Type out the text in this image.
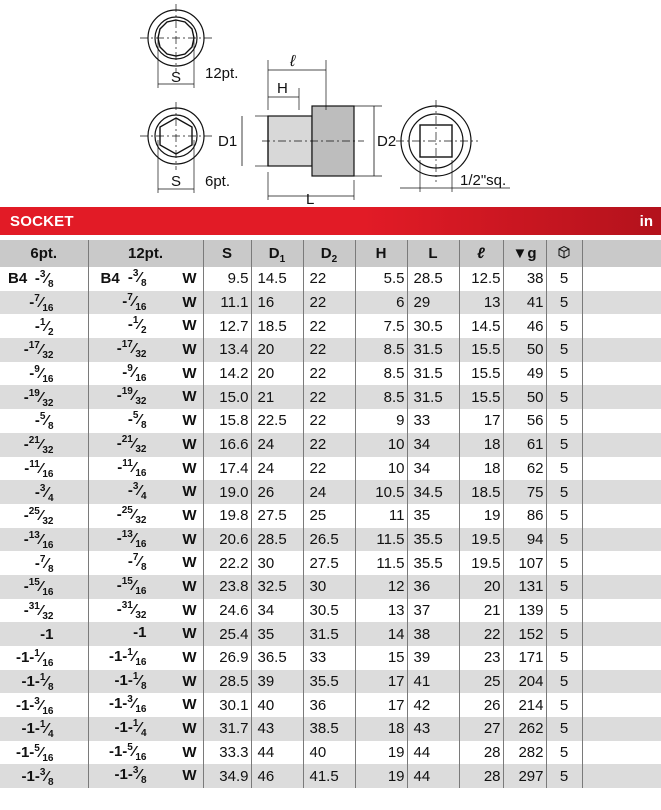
12pt.
S
6pt.
S
D1	D2
H
ℓ
L
1/2"sq.
SOCKET	in
6pt.	12pt.	S	$D_1$	$D_2$	H	L	ℓ	▼g		

B4 $-^3⁄_8$	B4 $-^3⁄_8$ W	9.5	14.5	22	5.5	28.5	12.5	38	5	
$-^7⁄_{16}$	$-^7⁄_{16}$ W	11.1	16	22	6	29	13	41	5	
$-^1⁄_2$	$-^1⁄_2$ W	12.7	18.5	22	7.5	30.5	14.5	46	5	
$-^{17}⁄_{32}$	$-^{17}⁄_{32}$ W	13.4	20	22	8.5	31.5	15.5	50	5	
$-^9⁄_{16}$	$-^9⁄_{16}$ W	14.2	20	22	8.5	31.5	15.5	49	5	
$-^{19}⁄_{32}$	$-^{19}⁄_{32}$ W	15.0	21	22	8.5	31.5	15.5	50	5	
$-^5⁄_8$	$-^5⁄_8$ W	15.8	22.5	22	9	33	17	56	5	
$-^{21}⁄_{32}$	$-^{21}⁄_{32}$ W	16.6	24	22	10	34	18	61	5	
$-^{11}⁄_{16}$	$-^{11}⁄_{16}$ W	17.4	24	22	10	34	18	62	5	
$-^3⁄_4$	$-^3⁄_4$ W	19.0	26	24	10.5	34.5	18.5	75	5	
$-^{25}⁄_{32}$	$-^{25}⁄_{32}$ W	19.8	27.5	25	11	35	19	86	5	
$-^{13}⁄_{16}$	$-^{13}⁄_{16}$ W	20.6	28.5	26.5	11.5	35.5	19.5	94	5	
$-^7⁄_8$	$-^7⁄_8$ W	22.2	30	27.5	11.5	35.5	19.5	107	5	
$-^{15}⁄_{16}$	$-^{15}⁄_{16}$ W	23.8	32.5	30	12	36	20	131	5	
$-^{31}⁄_{32}$	$-^{31}⁄_{32}$ W	24.6	34	30.5	13	37	21	139	5	
-1	-1 W	25.4	35	31.5	14	38	22	152	5	
$-1-^1⁄_{16}$	$-1-^1⁄_{16}$ W	26.9	36.5	33	15	39	23	171	5	
$-1-^1⁄_8$	$-1-^1⁄_8$ W	28.5	39	35.5	17	41	25	204	5	
$-1-^3⁄_{16}$	$-1-^3⁄_{16}$ W	30.1	40	36	17	42	26	214	5	
$-1-^1⁄_4$	$-1-^1⁄_4$ W	31.7	43	38.5	18	43	27	262	5	
$-1-^5⁄_{16}$	$-1-^5⁄_{16}$ W	33.3	44	40	19	44	28	282	5	
$-1-^3⁄_8$	$-1-^3⁄_8$ W	34.9	46	41.5	19	44	28	297	5	
